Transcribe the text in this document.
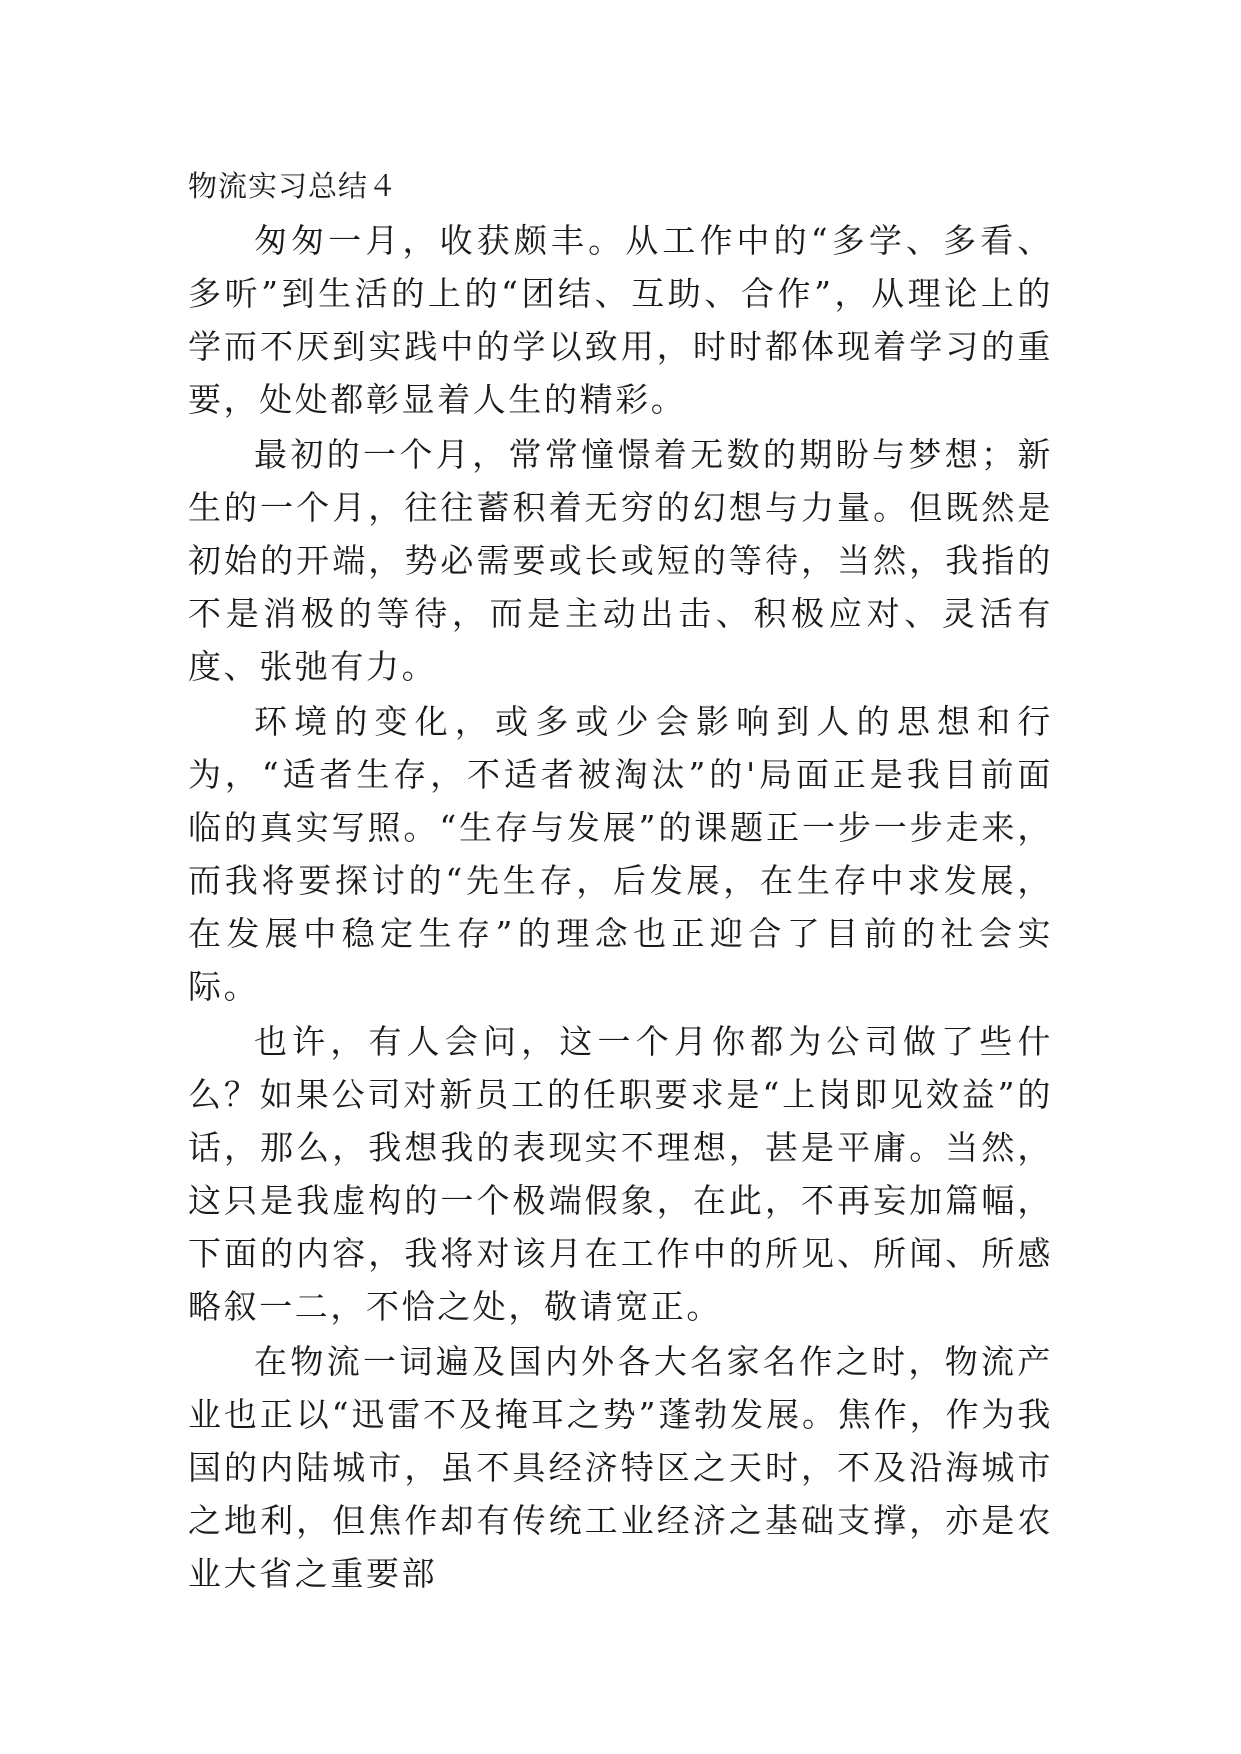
物流实习总结４

匆匆一月，收获颇丰。从工作中的“多学、多看、多听”到生活的上的“团结、互助、合作”，从理论上的学而不厌到实践中的学以致用，时时都体现着学习的重要，处处都彰显着人生的精彩。

最初的一个月，常常憧憬着无数的期盼与梦想；新生的一个月，往往蓄积着无穷的幻想与力量。但既然是初始的开端，势必需要或长或短的等待，当然，我指的不是消极的等待，而是主动出击、积极应对、灵活有度、张弛有力。

环境的变化，或多或少会影响到人的思想和行为，“适者生存，不适者被淘汰”的'局面正是我目前面临的真实写照。“生存与发展”的课题正一步一步走来，而我将要探讨的“先生存，后发展，在生存中求发展，在发展中稳定生存”的理念也正迎合了目前的社会实际。

也许，有人会问，这一个月你都为公司做了些什么？如果公司对新员工的任职要求是“上岗即见效益”的话，那么，我想我的表现实不理想，甚是平庸。当然，这只是我虚构的一个极端假象，在此，不再妄加篇幅，下面的内容，我将对该月在工作中的所见、所闻、所感略叙一二，不恰之处，敬请宽正。

在物流一词遍及国内外各大名家名作之时，物流产业也正以“迅雷不及掩耳之势”蓬勃发展。焦作，作为我国的内陆城市，虽不具经济特区之天时，不及沿海城市之地利，但焦作却有传统工业经济之基础支撑，亦是农业大省之重要部
